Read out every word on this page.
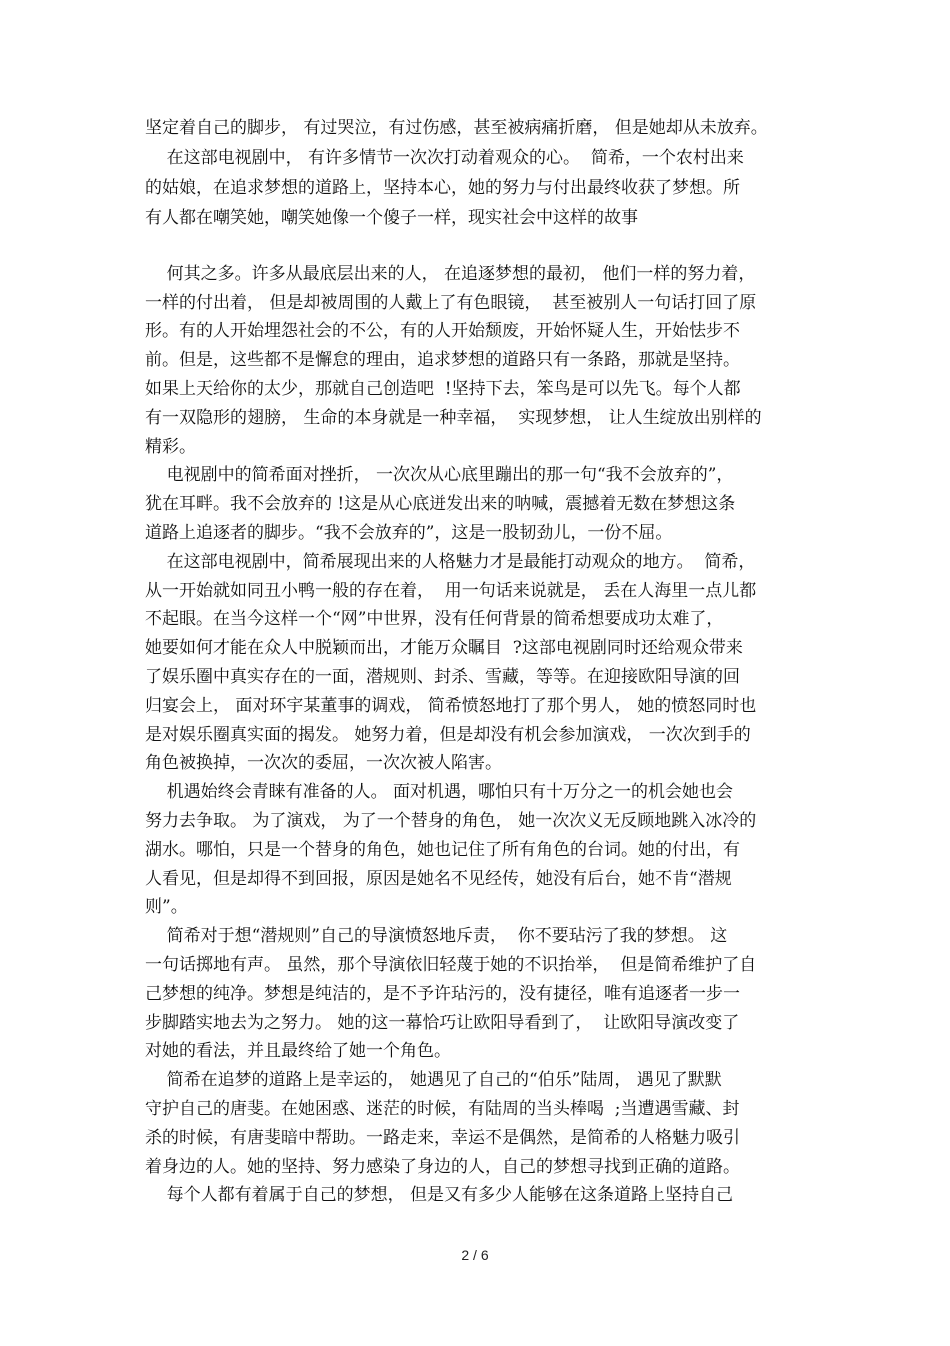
坚定着自己的脚步， 有过哭泣，有过伤感，甚至被病痛折磨， 但是她却从未放弃。
在这部电视剧中， 有许多情节一次次打动着观众的心。  简希，一个农村出来
的姑娘，在追求梦想的道路上，坚持本心，她的努力与付出最终收获了梦想。所
有人都在嘲笑她，嘲笑她像一个傻子一样，现实社会中这样的故事
何其之多。许多从最底层出来的人， 在追逐梦想的最初， 他们一样的努力着，
一样的付出着， 但是却被周围的人戴上了有色眼镜，  甚至被别人一句话打回了原
形。有的人开始埋怨社会的不公，有的人开始颓废，开始怀疑人生，开始怯步不
前。但是，这些都不是懈怠的理由，追求梦想的道路只有一条路，那就是坚持。
如果上天给你的太少，那就自己创造吧  !坚持下去，笨鸟是可以先飞。每个人都
有一双隐形的翅膀， 生命的本身就是一种幸福，  实现梦想， 让人生绽放出别样的
精彩。
电视剧中的简希面对挫折， 一次次从心底里蹦出的那一句“我不会放弃的”，
犹在耳畔。我不会放弃的 !这是从心底迸发出来的呐喊，震撼着无数在梦想这条
道路上追逐者的脚步。“我不会放弃的”，这是一股韧劲儿，一份不屈。
在这部电视剧中，简希展现出来的人格魅力才是最能打动观众的地方。  简希，
从一开始就如同丑小鸭一般的存在着，  用一句话来说就是， 丢在人海里一点儿都
不起眼。在当今这样一个“网”中世界，没有任何背景的简希想要成功太难了，
她要如何才能在众人中脱颖而出，才能万众瞩目  ?这部电视剧同时还给观众带来
了娱乐圈中真实存在的一面，潜规则、封杀、雪藏，等等。在迎接欧阳导演的回
归宴会上， 面对环宇某董事的调戏， 简希愤怒地打了那个男人， 她的愤怒同时也
是对娱乐圈真实面的揭发。 她努力着，但是却没有机会参加演戏， 一次次到手的
角色被换掉，一次次的委屈，一次次被人陷害。
机遇始终会青睐有准备的人。 面对机遇，哪怕只有十万分之一的机会她也会
努力去争取。 为了演戏， 为了一个替身的角色， 她一次次义无反顾地跳入冰冷的
湖水。哪怕，只是一个替身的角色，她也记住了所有角色的台词。她的付出，有
人看见，但是却得不到回报，原因是她名不见经传，她没有后台，她不肯“潜规
则”。
简希对于想“潜规则”自己的导演愤怒地斥责，  你不要玷污了我的梦想。 这
一句话掷地有声。 虽然，那个导演依旧轻蔑于她的不识抬举，  但是简希维护了自
己梦想的纯净。梦想是纯洁的，是不予许玷污的，没有捷径，唯有追逐者一步一
步脚踏实地去为之努力。 她的这一幕恰巧让欧阳导看到了，  让欧阳导演改变了
对她的看法，并且最终给了她一个角色。
简希在追梦的道路上是幸运的， 她遇见了自己的“伯乐”陆周， 遇见了默默
守护自己的唐斐。在她困惑、迷茫的时候，有陆周的当头棒喝  ;当遭遇雪藏、封
杀的时候，有唐斐暗中帮助。一路走来，幸运不是偶然，是简希的人格魅力吸引
着身边的人。她的坚持、努力感染了身边的人，自己的梦想寻找到正确的道路。
每个人都有着属于自己的梦想， 但是又有多少人能够在这条道路上坚持自己
2 / 6
